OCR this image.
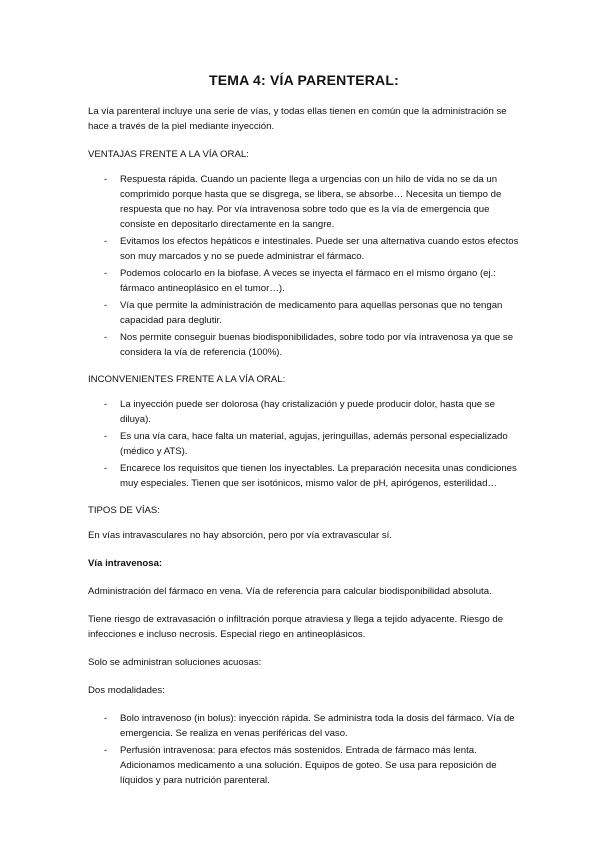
TEMA 4: VÍA PARENTERAL:

La vía parenteral incluye una serie de vías, y todas ellas tienen en común que la administración se hace a través de la piel mediante inyección.

VENTAJAS FRENTE A LA VÍA ORAL:

- Respuesta rápida. Cuando un paciente llega a urgencias con un hilo de vida no se da un comprimido porque hasta que se disgrega, se libera, se absorbe… Necesita un tiempo de respuesta que no hay. Por vía intravenosa sobre todo que es la vía de emergencia que consiste en depositarlo directamente en la sangre.
- Evitamos los efectos hepáticos e intestinales. Puede ser una alternativa cuando estos efectos son muy marcados y no se puede administrar el fármaco.
- Podemos colocarlo en la biofase. A veces se inyecta el fármaco en el mismo órgano (ej.: fármaco antineoplásico en el tumor…).
- Vía que permite la administración de medicamento para aquellas personas que no tengan capacidad para deglutir.
- Nos permite conseguir buenas biodisponibilidades, sobre todo por vía intravenosa ya que se considera la vía de referencia (100%).

INCONVENIENTES FRENTE A LA VÍA ORAL:

- La inyección puede ser dolorosa (hay cristalización y puede producir dolor, hasta que se diluya).
- Es una vía cara, hace falta un material, agujas, jeringuillas, además personal especializado (médico y ATS).
- Encarece los requisitos que tienen los inyectables. La preparación necesita unas condiciones muy especiales. Tienen que ser isotónicos, mismo valor de pH, apirógenos, esterilidad…

TIPOS DE VÍAS:

En vías intravasculares no hay absorción, pero por vía extravascular sí.

Vía intravenosa:

Administración del fármaco en vena. Vía de referencia para calcular biodisponibilidad absoluta.

Tiene riesgo de extravasación o infiltración porque atraviesa y llega a tejido adyacente. Riesgo de infecciones e incluso necrosis. Especial riego en antineoplásicos.

Solo se administran soluciones acuosas:

Dos modalidades:

- Bolo intravenoso (in bolus): inyección rápida. Se administra toda la dosis del fármaco. Vía de emergencia. Se realiza en venas periféricas del vaso.
- Perfusión intravenosa: para efectos más sostenidos. Entrada de fármaco más lenta. Adicionamos medicamento a una solución. Equipos de goteo. Se usa para reposición de líquidos y para nutrición parenteral.
